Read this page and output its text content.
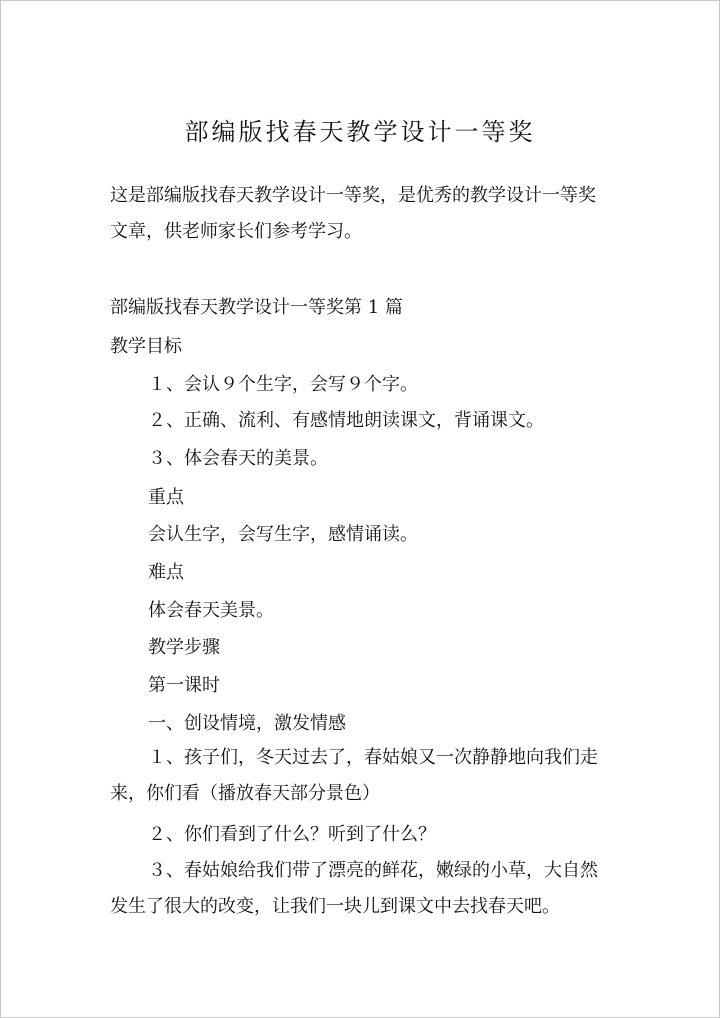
部编版找春天教学设计一等奖
这是部编版找春天教学设计一等奖，是优秀的教学设计一等奖文章，供老师家长们参考学习。
部编版找春天教学设计一等奖第 1 篇
教学目标
１、会认９个生字，会写９个字。
２、正确、流利、有感情地朗读课文，背诵课文。
３、体会春天的美景。
重点
会认生字，会写生字，感情诵读。
难点
体会春天美景。
教学步骤
第一课时
一、创设情境，激发情感
１、孩子们，冬天过去了，春姑娘又一次静静地向我们走来，你们看（播放春天部分景色）
２、你们看到了什么？听到了什么？
３、春姑娘给我们带了漂亮的鲜花，嫩绿的小草，大自然发生了很大的改变，让我们一块儿到课文中去找春天吧。
